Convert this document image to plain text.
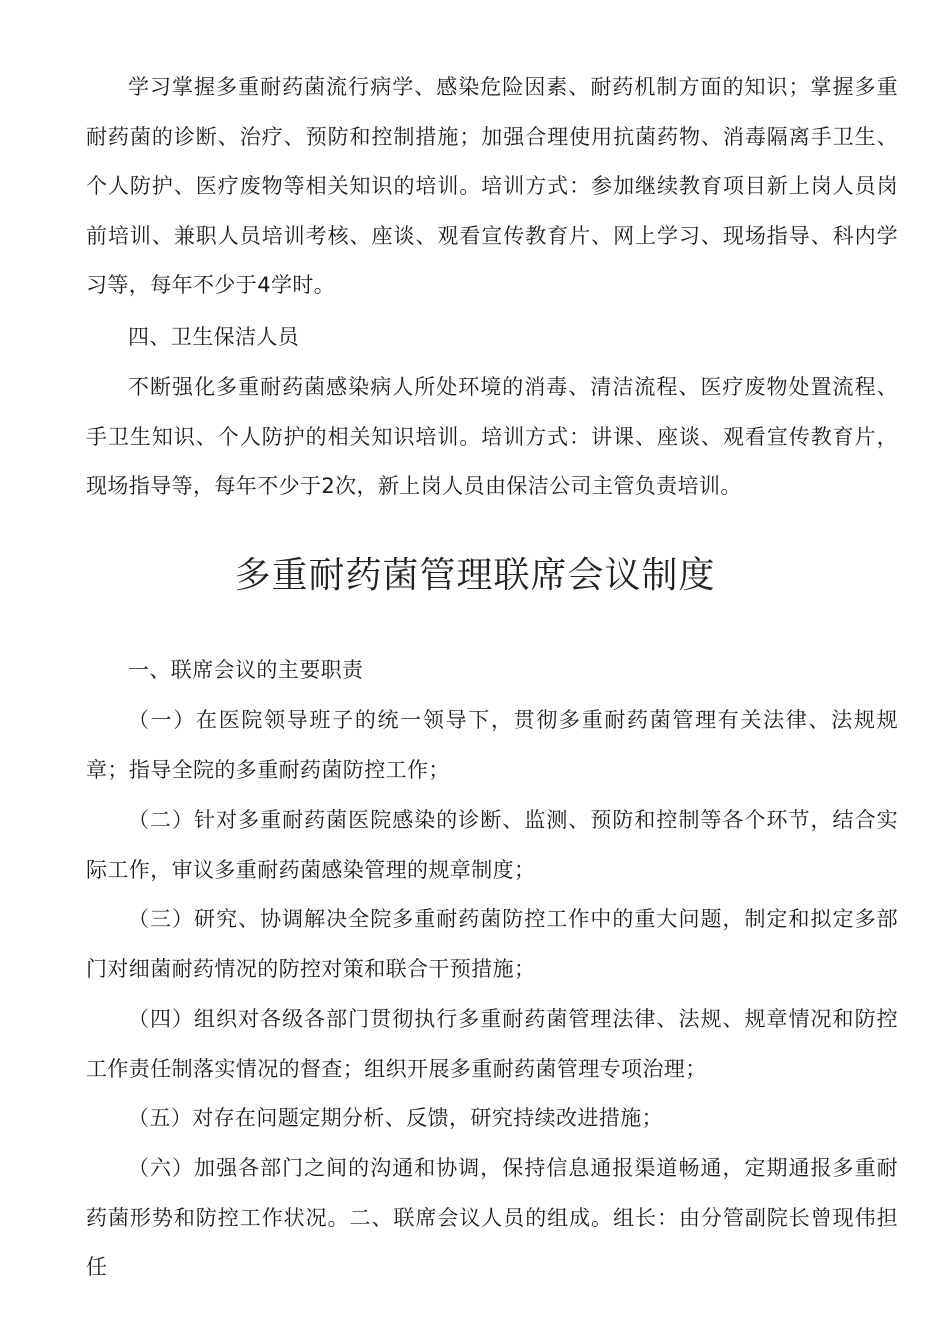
学习掌握多重耐药菌流行病学、感染危险因素、耐药机制方面的知识；掌握多重耐药菌的诊断、治疗、预防和控制措施；加强合理使用抗菌药物、消毒隔离手卫生、个人防护、医疗废物等相关知识的培训。培训方式：参加继续教育项目新上岗人员岗前培训、兼职人员培训考核、座谈、观看宣传教育片、网上学习、现场指导、科内学习等，每年不少于4学时。

四、卫生保洁人员

不断强化多重耐药菌感染病人所处环境的消毒、清洁流程、医疗废物处置流程、手卫生知识、个人防护的相关知识培训。培训方式：讲课、座谈、观看宣传教育片，现场指导等，每年不少于2次，新上岗人员由保洁公司主管负责培训。

多重耐药菌管理联席会议制度

一、联席会议的主要职责

（一）在医院领导班子的统一领导下，贯彻多重耐药菌管理有关法律、法规规章；指导全院的多重耐药菌防控工作；

（二）针对多重耐药菌医院感染的诊断、监测、预防和控制等各个环节，结合实际工作，审议多重耐药菌感染管理的规章制度；

（三）研究、协调解决全院多重耐药菌防控工作中的重大问题，制定和拟定多部门对细菌耐药情况的防控对策和联合干预措施；

（四）组织对各级各部门贯彻执行多重耐药菌管理法律、法规、规章情况和防控工作责任制落实情况的督查；组织开展多重耐药菌管理专项治理；

（五）对存在问题定期分析、反馈，研究持续改进措施；

（六）加强各部门之间的沟通和协调，保持信息通报渠道畅通，定期通报多重耐药菌形势和防控工作状况。二、联席会议人员的组成。组长：由分管副院长曾现伟担任
